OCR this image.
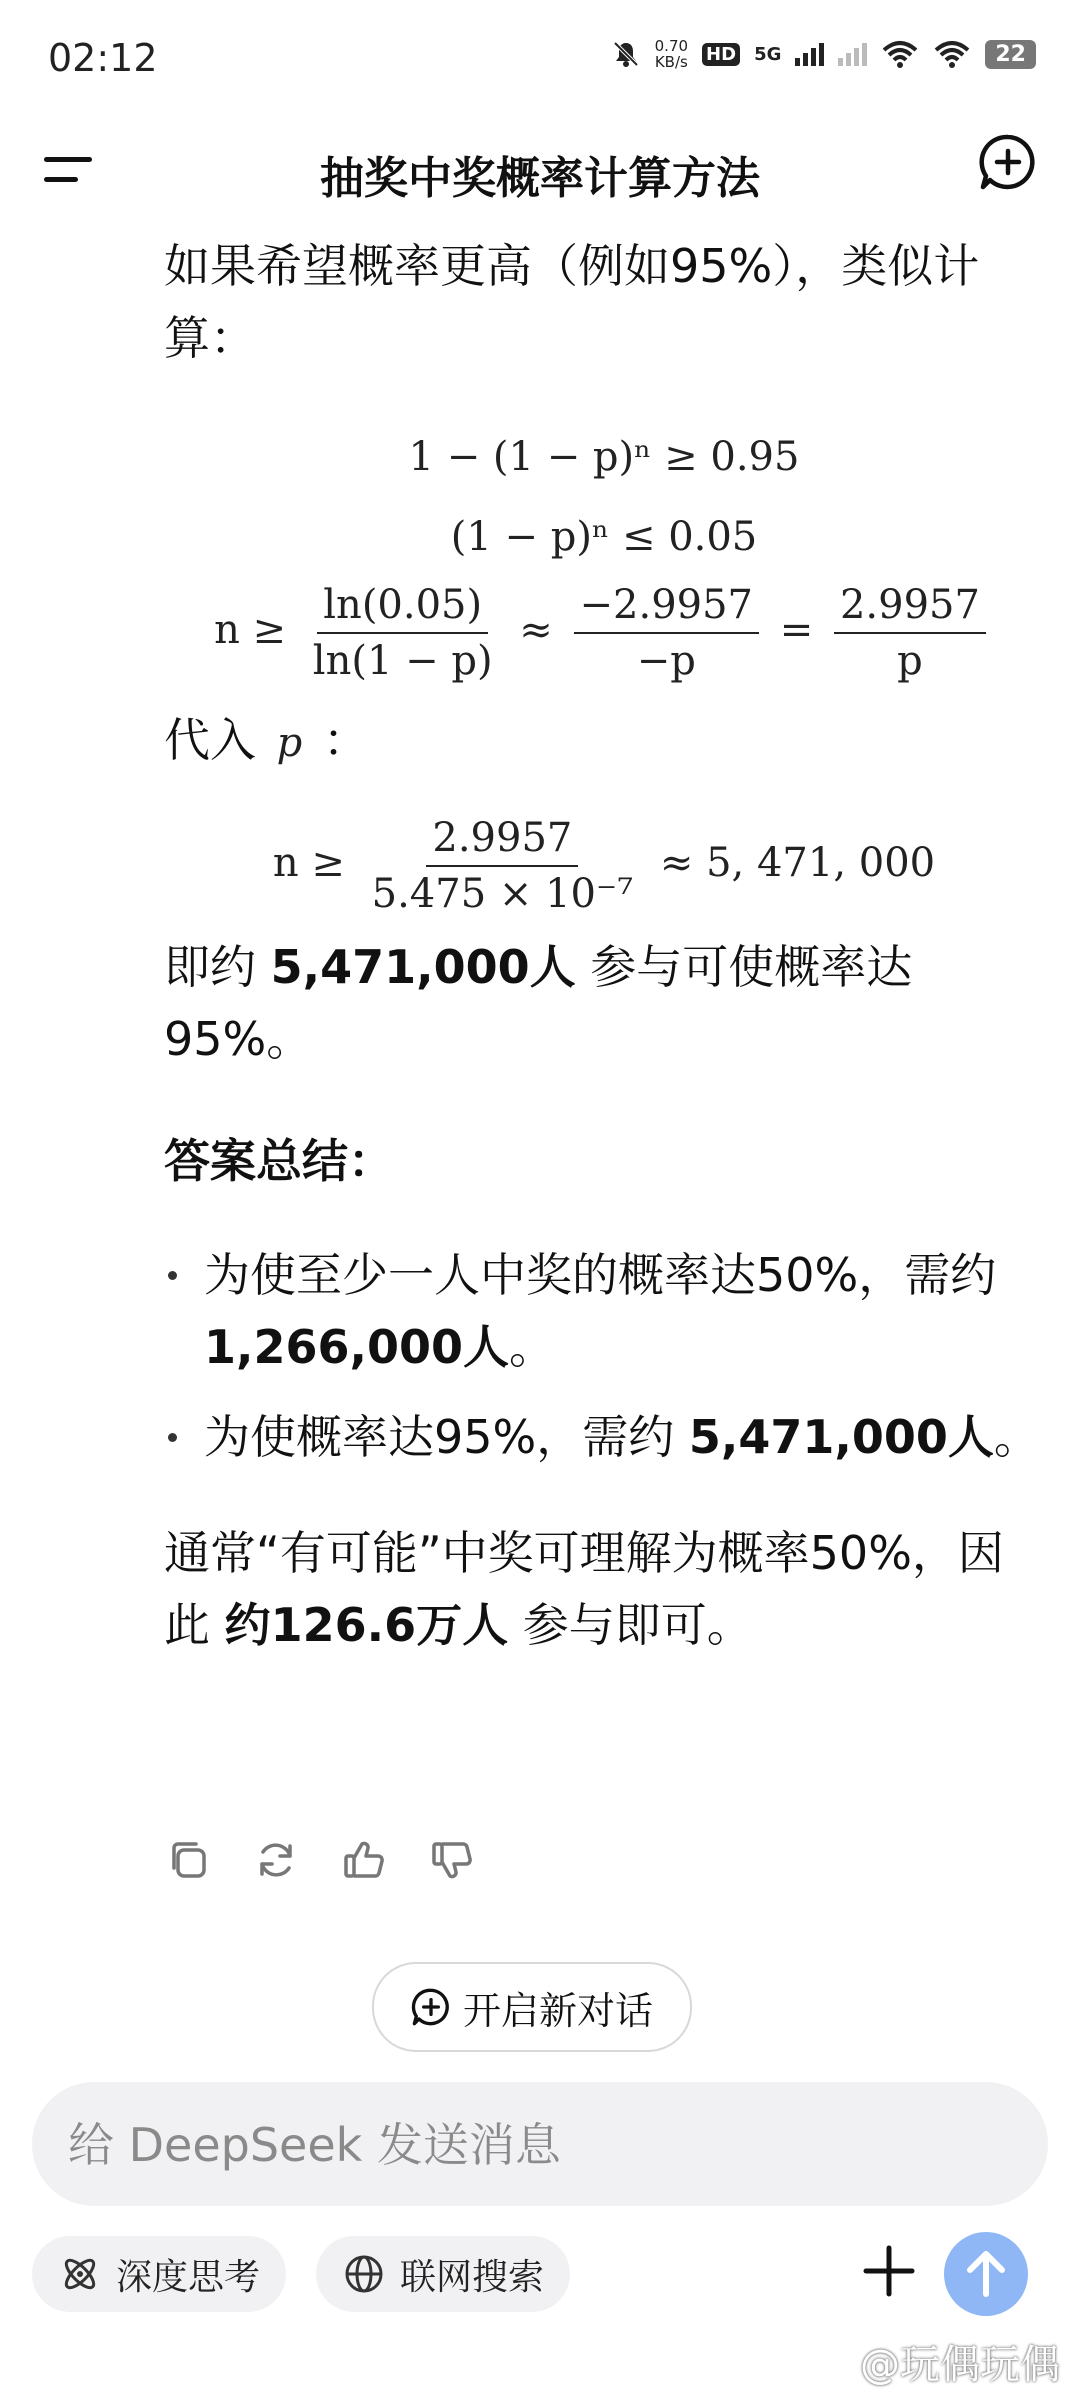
02:12	0.70
KB/s HD 5G	22
抽奖中奖概率计算方法

如果希望概率更高（例如95%），类似计算：

1 − (1 − p)ⁿ ≥ 0.95
(1 − p)ⁿ ≤ 0.05
$n \ge \frac{\ln(0.05)}{\ln(1 - p)} \approx \frac{-2.9957}{-p} = \frac{2.9957}{p}$

代入 p ：

$n \ge \frac{2.9957}{\text{5.475 × 10⁻⁷}} \approx 5$, 471, 000

即约 5,471,000人 参与可使概率达95%。

答案总结：
为使至少一人中奖的概率达50%，需约 1,266,000人。
为使概率达95%，需约 5,471,000人。

通常“有可能”中奖可理解为概率50%，因此 约126.6万人 参与即可。

开启新对话
给 DeepSeek 发送消息
深度思考	联网搜索
@玩偶玩偶
